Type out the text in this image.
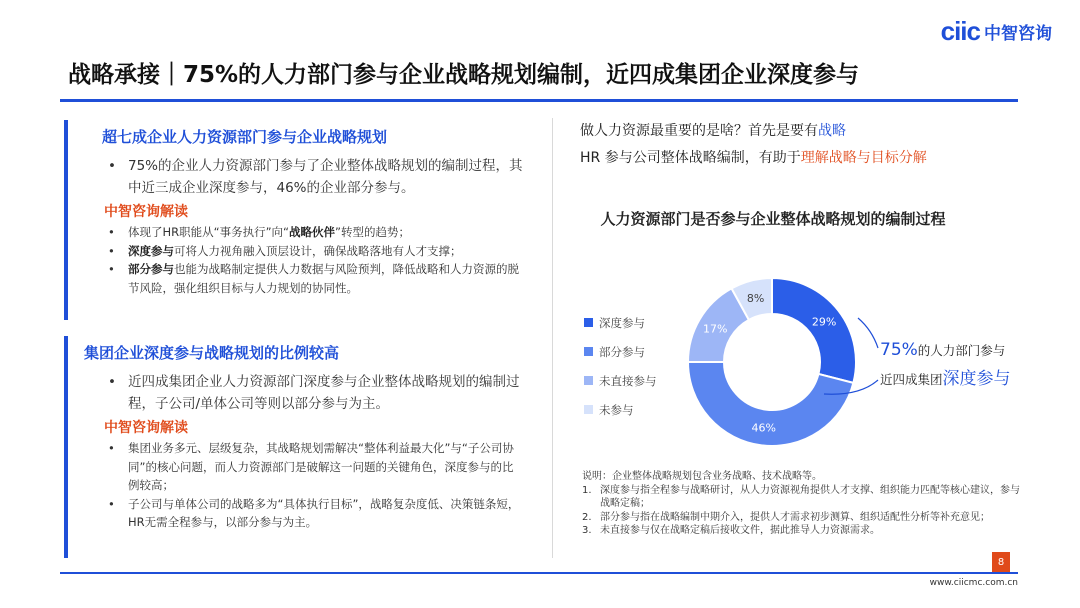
ciic 中智咨询
战略承接｜75%的人力部门参与企业战略规划编制，近四成集团企业深度参与
超七成企业人力资源部门参与企业战略规划
• 75%的企业人力资源部门参与了企业整体战略规划的编制过程，其中近三成企业深度参与，46%的企业部分参与。
中智咨询解读
• 体现了HR职能从“事务执行”向“战略伙伴”转型的趋势；
• 深度参与可将人力视角融入顶层设计，确保战略落地有人才支撑；
• 部分参与也能为战略制定提供人力数据与风险预判，降低战略和人力资源的脱节风险，强化组织目标与人力规划的协同性。
集团企业深度参与战略规划的比例较高
• 近四成集团企业人力资源部门深度参与企业整体战略规划的编制过程，子公司/单体公司等则以部分参与为主。
中智咨询解读
• 集团业务多元、层级复杂，其战略规划需解决“整体利益最大化”与“子公司协同”的核心问题，而人力资源部门是破解这一问题的关键角色，深度参与的比例较高；
• 子公司与单体公司的战略多为“具体执行目标”，战略复杂度低、决策链条短，HR无需全程参与，以部分参与为主。
做人力资源最重要的是啥？首先是要有战略
HR 参与公司整体战略编制，有助于理解战略与目标分解
人力资源部门是否参与企业整体战略规划的编制过程
深度参与
部分参与
未直接参与
未参与
29%
46%
17%
8%
75%的人力部门参与
近四成集团深度参与
说明：企业整体战略规划包含业务战略、技术战略等。
1. 深度参与指全程参与战略研讨，从人力资源视角提供人才支撑、组织能力匹配等核心建议，参与战略定稿；
2. 部分参与指在战略编制中期介入，提供人才需求初步测算、组织适配性分析等补充意见；
3. 未直接参与仅在战略定稿后接收文件，据此推导人力资源需求。
8
www.ciicmc.com.cn
